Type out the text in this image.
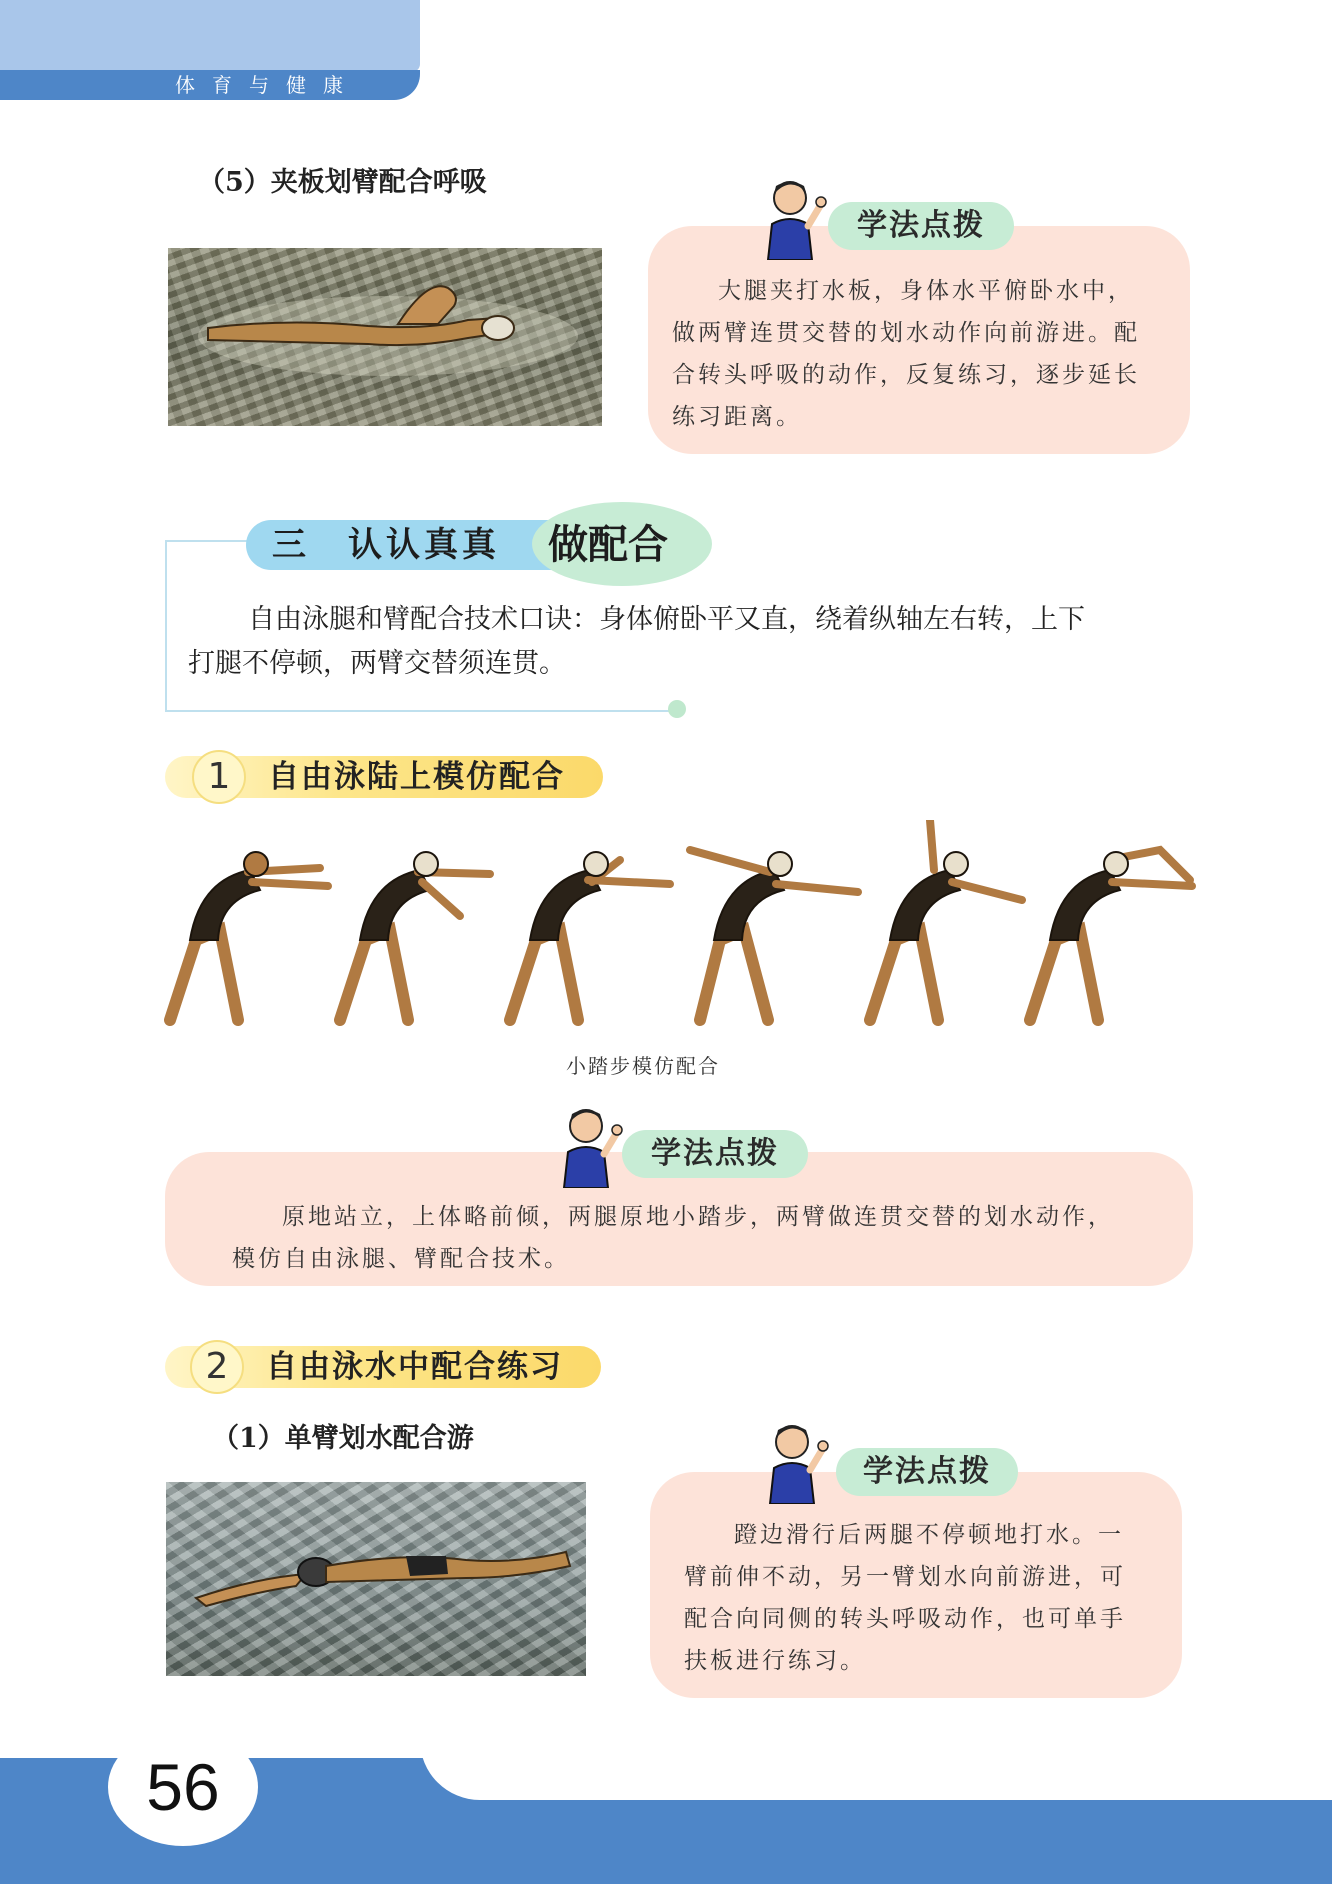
体育与健康
（5）夹板划臂配合呼吸
学法点拨
大腿夹打水板，身体水平俯卧水中，
做两臂连贯交替的划水动作向前游进。配
合转头呼吸的动作，反复练习，逐步延长
练习距离。
三　认认真真 做配合
自由泳腿和臂配合技术口诀：身体俯卧平又直，绕着纵轴左右转，上下
打腿不停顿，两臂交替须连贯。
1	自由泳陆上模仿配合
小踏步模仿配合
学法点拨
原地站立，上体略前倾，两腿原地小踏步，两臂做连贯交替的划水动作，
模仿自由泳腿、臂配合技术。
2	自由泳水中配合练习
（1）单臂划水配合游
学法点拨
蹬边滑行后两腿不停顿地打水。一
臂前伸不动，另一臂划水向前游进，可
配合向同侧的转头呼吸动作，也可单手
扶板进行练习。
56
